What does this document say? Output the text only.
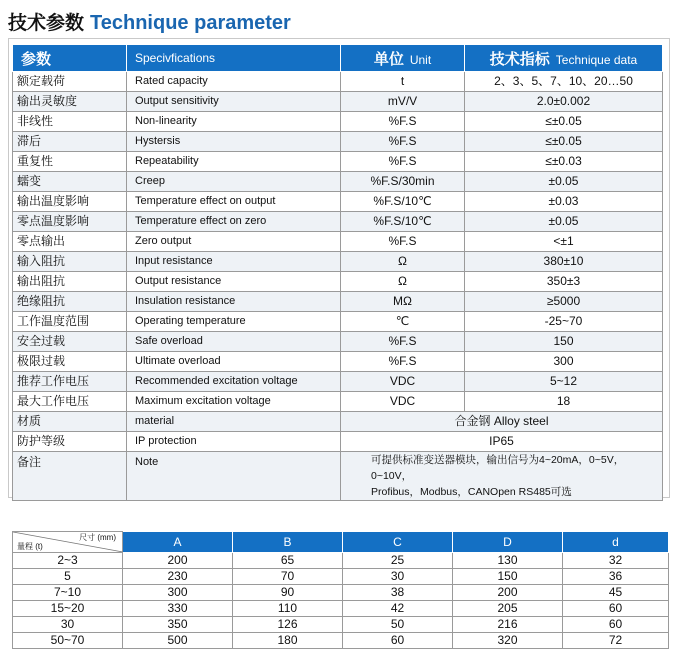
技术参数 Technique parameter
参数	Specivfications	单位 Unit	技术指标 Technique data
额定载荷	Rated capacity	t	2、3、5、7、10、20…50
输出灵敏度	Output sensitivity	mV/V	2.0±0.002
非线性	Non-linearity	%F.S	≤±0.05
滞后	Hystersis	%F.S	≤±0.05
重复性	Repeatability	%F.S	≤±0.03
蠕变	Creep	%F.S/30min	±0.05
输出温度影响	Temperature effect on output	%F.S/10℃	±0.03
零点温度影响	Temperature effect on zero	%F.S/10℃	±0.05
零点输出	Zero output	%F.S	<±1
输入阻抗	Input resistance	Ω	380±10
输出阻抗	Output resistance	Ω	350±3
绝缘阻抗	Insulation resistance	MΩ	≥5000
工作温度范围	Operating temperature	℃	-25~70
安全过载	Safe overload	%F.S	150
极限过载	Ultimate overload	%F.S	300
推荐工作电压	Recommended excitation voltage	VDC	5~12
最大工作电压	Maximum excitation voltage	VDC	18
材质	material	合金钢 Alloy steel	
防护等级	IP protection	IP65	
备注	Note	可提供标准变送器模块，输出信号为4~20mA，0~5V，0~10V，
Profibus，Modbus，CANOpen RS485可选	
尺寸 (mm)
量程 (t)	A	B	C	D	d
2~3	200	65	25	130	32
5	230	70	30	150	36
7~10	300	90	38	200	45
15~20	330	110	42	205	60
30	350	126	50	216	60
50~70	500	180	60	320	72
